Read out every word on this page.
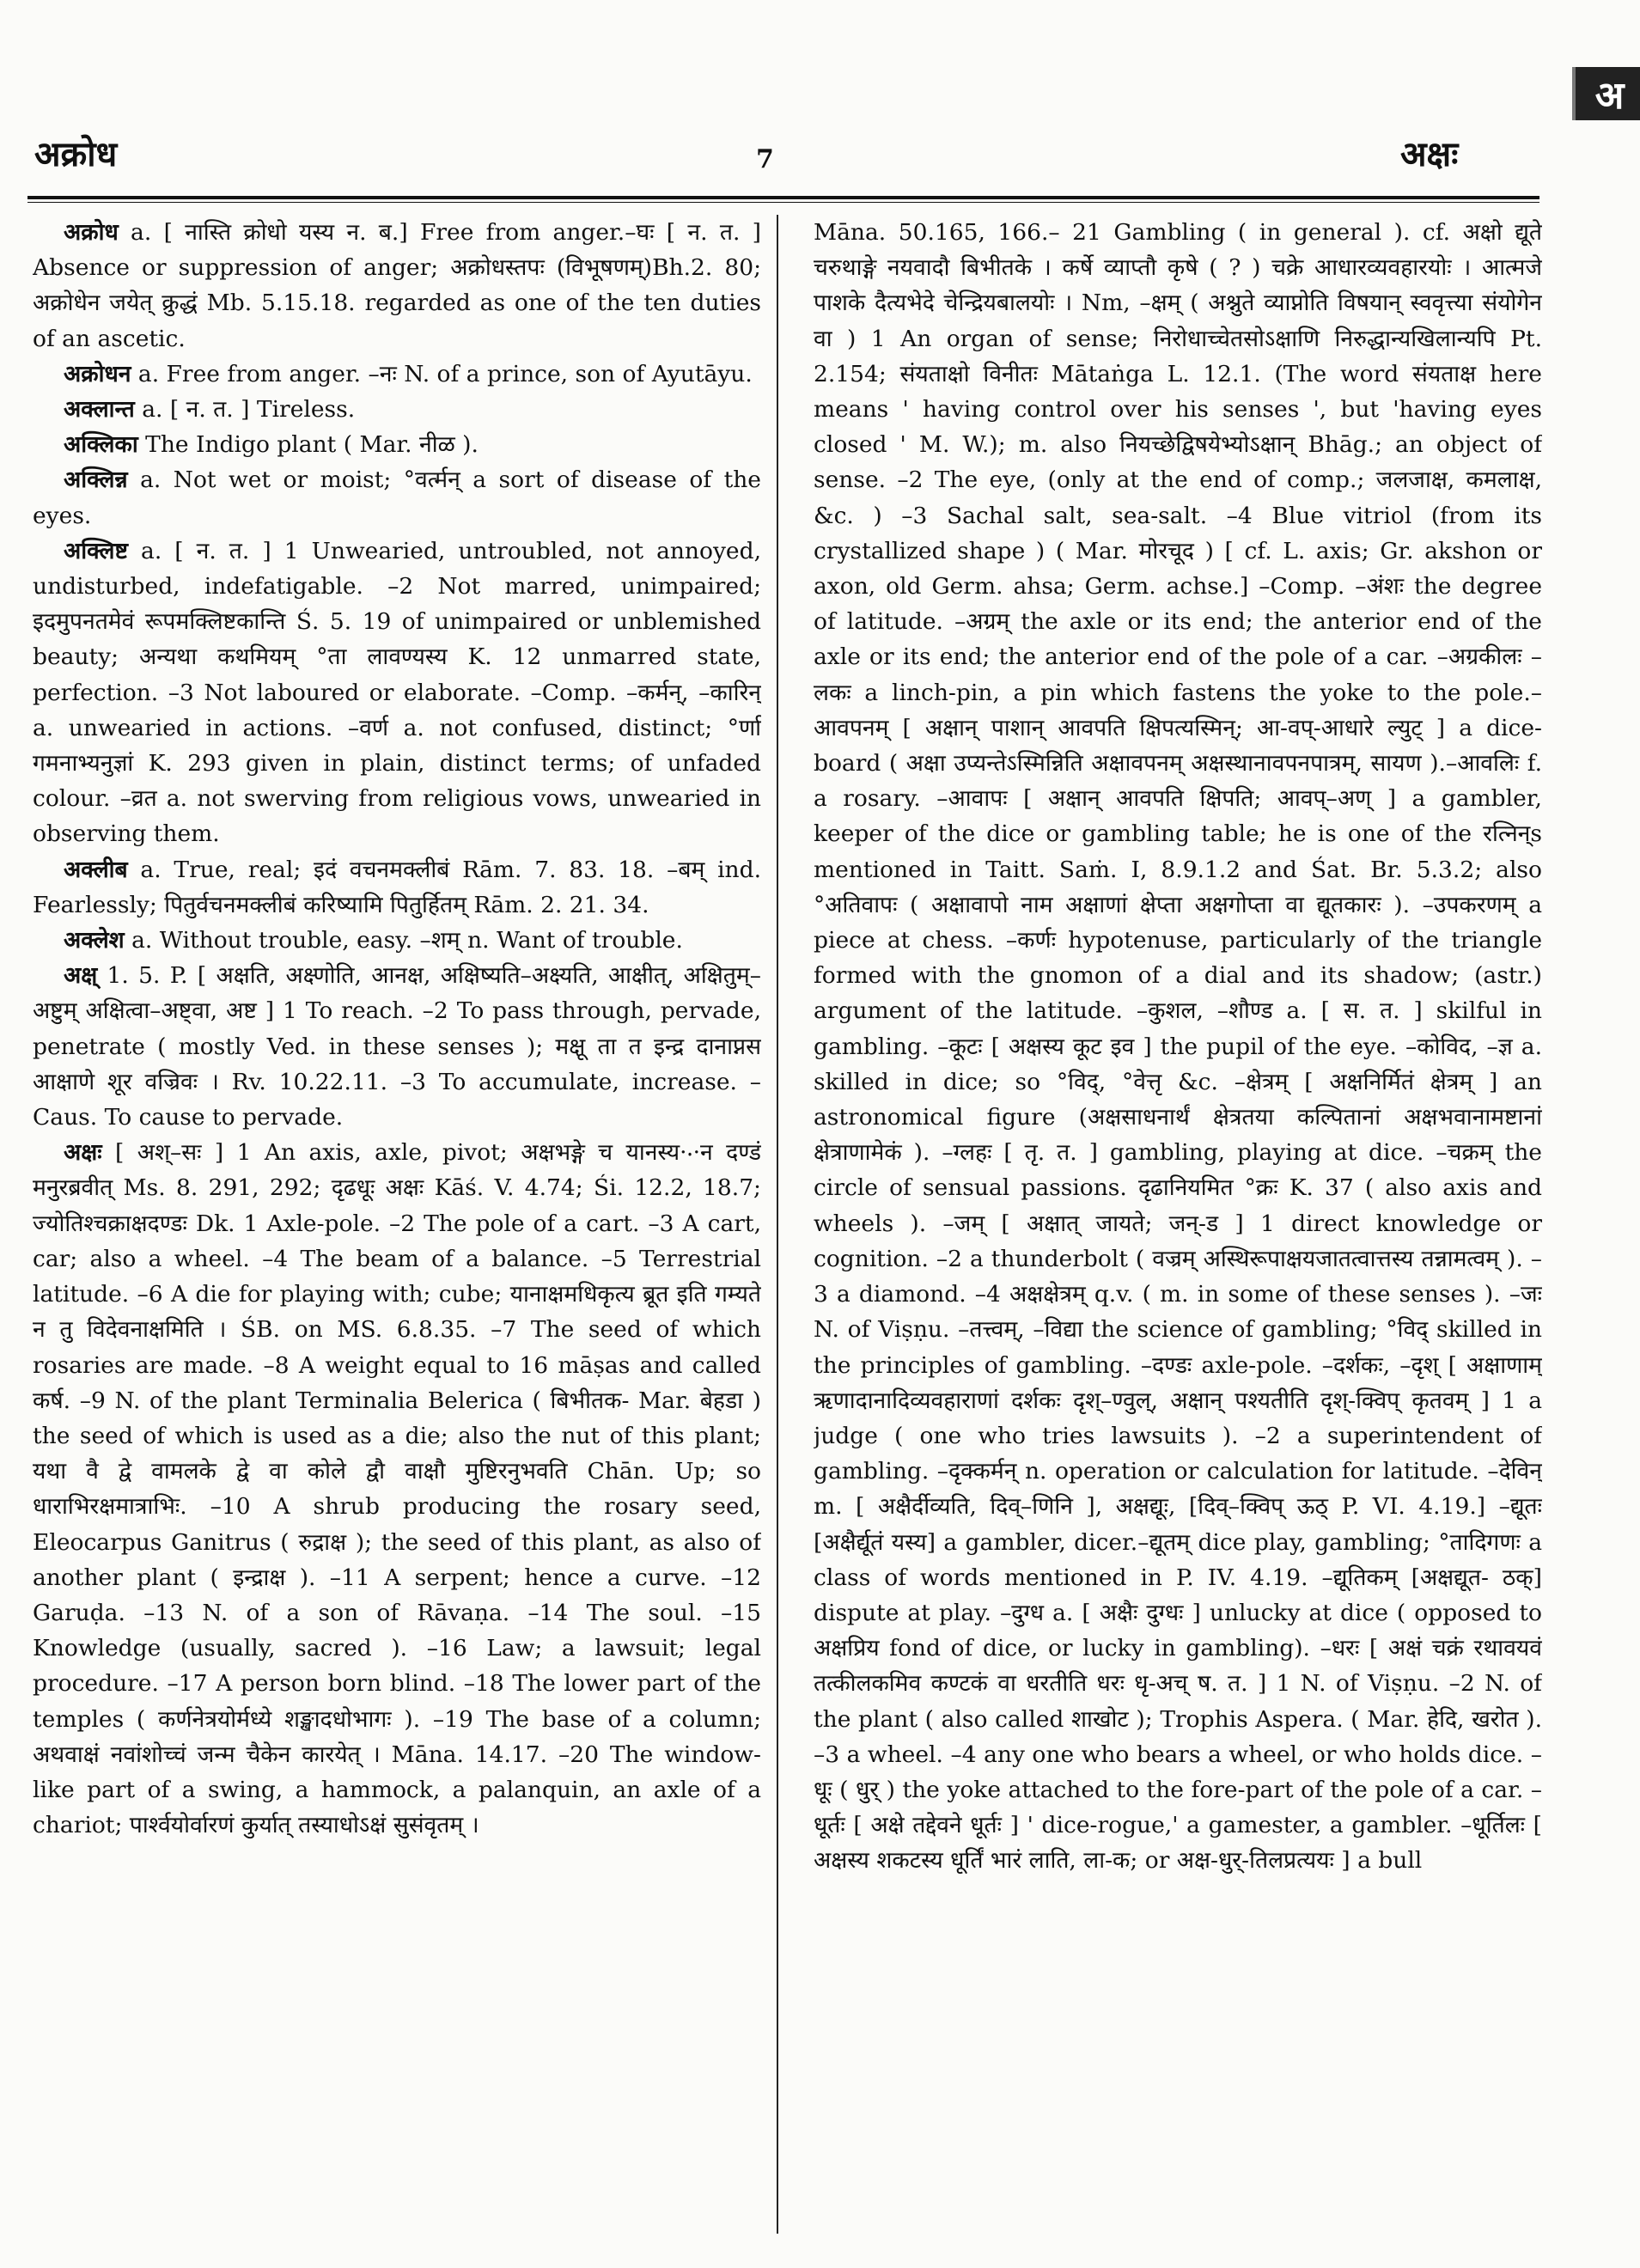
अ
अक्रोध	7	अक्षः

अक्रोध a. [ नास्ति क्रोधो यस्य न. ब.] Free from anger.–घः [ न. त. ] Absence or suppression of anger; अक्रोधस्तपः (विभूषणम्)Bh.2. 80; अक्रोधेन जयेत् क्रुद्धं Mb. 5.15.18. regarded as one of the ten duties of an ascetic.

अक्रोधन a. Free from anger. –नः N. of a prince, son of Ayutāyu.

अक्लान्त a. [ न. त. ] Tireless.

अक्लिका The Indigo plant ( Mar. नीळ ).

अक्लिन्न a. Not wet or moist; °वर्त्मन् a sort of disease of the eyes.

अक्लिष्ट a. [ न. त. ] 1 Unwearied, untroubled, not annoyed, undisturbed, indefatigable. –2 Not marred, unimpaired; इदमुपनतमेवं रूपमक्लिष्टकान्ति Ś. 5. 19 of unimpaired or unblemished beauty; अन्यथा कथमियम् °ता लावण्यस्य K. 12 unmarred state, perfection. –3 Not laboured or elaborate. –Comp. –कर्मन्, –कारिन् a. unwearied in actions. –वर्ण a. not confused, distinct; °र्णा गमनाभ्यनुज्ञां K. 293 given in plain, distinct terms; of unfaded colour. –व्रत a. not swerving from religious vows, unwearied in observing them.

अक्लीब a. True, real; इदं वचनमक्लीबं Rām. 7. 83. 18. –बम् ind. Fearlessly; पितुर्वचनमक्लीबं करिष्यामि पितुर्हितम् Rām. 2. 21. 34.

अक्लेश a. Without trouble, easy. –शम् n. Want of trouble.

अक्ष् 1. 5. P. [ अक्षति, अक्ष्णोति, आनक्ष, अक्षिष्यति–अक्ष्यति, आक्षीत्, अक्षितुम्–अष्टुम् अक्षित्वा–अष्ट्वा, अष्ट ] 1 To reach. –2 To pass through, pervade, penetrate ( mostly Ved. in these senses ); मक्षू ता त इन्द्र दानाप्नस आक्षाणे शूर वज्रिवः । Rv. 10.22.11. –3 To accumulate, increase. –Caus. To cause to pervade.

अक्षः [ अश्–सः ] 1 An axis, axle, pivot; अक्षभङ्गे च यानस्य·‧·न दण्डं मनुरब्रवीत् Ms. 8. 291, 292; दृढधूः अक्षः Kāś. V. 4.74; Śi. 12.2, 18.7; ज्योतिश्चक्राक्षदण्डः Dk. 1 Axle-pole. –2 The pole of a cart. –3 A cart, car; also a wheel. –4 The beam of a balance. –5 Terrestrial latitude. –6 A die for playing with; cube; यानाक्षमधिकृत्य ब्रूत इति गम्यते न तु विदेवनाक्षमिति । ŚB. on MS. 6.8.35. –7 The seed of which rosaries are made. –8 A weight equal to 16 māṣas and called कर्ष. –9 N. of the plant Terminalia Belerica ( बिभीतक- Mar. बेहडा ) the seed of which is used as a die; also the nut of this plant; यथा वै द्वे वामलके द्वे वा कोले द्वौ वाक्षौ मुष्टिरनुभवति Chān. Up; so धाराभिरक्षमात्राभिः. –10 A shrub producing the rosary seed, Eleocarpus Ganitrus ( रुद्राक्ष ); the seed of this plant, as also of another plant ( इन्द्राक्ष ). –11 A serpent; hence a curve. –12 Garuḍa. –13 N. of a son of Rāvaṇa. –14 The soul. –15 Knowledge (usually, sacred ). –16 Law; a lawsuit; legal procedure. –17 A person born blind. –18 The lower part of the temples ( कर्णनेत्रयोर्मध्ये शङ्खादधोभागः ). –19 The base of a column; अथवाक्षं नवांशोच्चं जन्म चैकेन कारयेत् । Māna. 14.17. –20 The window-like part of a swing, a hammock, a palanquin, an axle of a chariot; पार्श्वयोर्वारणं कुर्यात् तस्याधोऽक्षं सुसंवृतम् ।

Māna. 50.165, 166.– 21 Gambling ( in general ). cf. अक्षो द्यूते चरुथाङ्गे नयवादौ बिभीतके । कर्षे व्याप्तौ कृषे ( ? ) चक्रे आधारव्यवहारयोः । आत्मजे पाशके दैत्यभेदे चेन्द्रियबालयोः । Nm, –क्षम् ( अश्नुते व्याप्नोति विषयान् स्ववृत्त्या संयोगेन वा ) 1 An organ of sense; निरोधाच्चेतसोऽक्षाणि निरुद्धान्यखिलान्यपि Pt. 2.154; संयताक्षो विनीतः Mātaṅga L. 12.1. (The word संयताक्ष here means ' having control over his senses ', but 'having eyes closed ' M. W.); m. also नियच्छेद्विषयेभ्योऽक्षान् Bhāg.; an object of sense. –2 The eye, (only at the end of comp.; जलजाक्ष, कमलाक्ष, &c. ) –3 Sachal salt, sea-salt. –4 Blue vitriol (from its crystallized shape ) ( Mar. मोरचूद ) [ cf. L. axis; Gr. akshon or axon, old Germ. ahsa; Germ. achse.] –Comp. –अंशः the degree of latitude. –अग्रम् the axle or its end; the anterior end of the axle or its end; the anterior end of the pole of a car. –अग्रकीलः –लकः a linch-pin, a pin which fastens the yoke to the pole.–आवपनम् [ अक्षान् पाशान् आवपति क्षिपत्यस्मिन्; आ-वप्-आधारे ल्युट् ] a dice-board ( अक्षा उप्यन्तेऽस्मिन्निति अक्षावपनम् अक्षस्थानावपनपात्रम्, सायण ).–आवलिः f. a rosary. –आवापः [ अक्षान् आवपति क्षिपति; आवप्–अण् ] a gambler, keeper of the dice or gambling table; he is one of the रत्निन्s mentioned in Taitt. Saṁ. I, 8.9.1.2 and Śat. Br. 5.3.2; also °अतिवापः ( अक्षावापो नाम अक्षाणां क्षेप्ता अक्षगोप्ता वा द्यूतकारः ). –उपकरणम् a piece at chess. –कर्णः hypotenuse, particularly of the triangle formed with the gnomon of a dial and its shadow; (astr.) argument of the latitude. –कुशल, –शौण्ड a. [ स. त. ] skilful in gambling. –कूटः [ अक्षस्य कूट इव ] the pupil of the eye. –कोविद, –ज्ञ a. skilled in dice; so °विद्, °वेत्तृ &c. –क्षेत्रम् [ अक्षनिर्मितं क्षेत्रम् ] an astronomical figure (अक्षसाधनार्थं क्षेत्रतया कल्पितानां अक्षभवानामष्टानां क्षेत्राणामेकं ). –ग्लहः [ तृ. त. ] gambling, playing at dice. –चक्रम् the circle of sensual passions. दृढानियमित °क्रः K. 37 ( also axis and wheels ). –जम् [ अक्षात् जायते; जन्-ड ] 1 direct knowledge or cognition. –2 a thunderbolt ( वज्रम् अस्थिरूपाक्षयजातत्वात्तस्य तन्नामत्वम् ). –3 a diamond. –4 अक्षक्षेत्रम् q.v. ( m. in some of these senses ). –जः N. of Viṣṇu. –तत्त्वम्, –विद्या the science of gambling; °विद् skilled in the principles of gambling. –दण्डः axle-pole. –दर्शकः, –दृश् [ अक्षाणाम् ऋणादानादिव्यवहाराणां दर्शकः दृश्–ण्वुल्, अक्षान् पश्यतीति दृश्-क्विप् कृतवम् ] 1 a judge ( one who tries lawsuits ). –2 a superintendent of gambling. –दृक्कर्मन् n. operation or calculation for latitude. –देविन् m. [ अक्षैर्दीव्यति, दिव्–णिनि ], अक्षद्यूः, [दिव्–क्विप् ऊठ् P. VI. 4.19.] –द्यूतः [अक्षैर्द्यूतं यस्य] a gambler, dicer.–द्यूतम् dice play, gambling; °तादिगणः a class of words mentioned in P. IV. 4.19. –द्यूतिकम् [अक्षद्यूत- ठक्] dispute at play. –दुग्ध a. [ अक्षैः दुग्धः ] unlucky at dice ( opposed to अक्षप्रिय fond of dice, or lucky in gambling). –धरः [ अक्षं चक्रं रथावयवं तत्कीलकमिव कण्टकं वा धरतीति धरः धृ-अच् ष. त. ] 1 N. of Viṣṇu. –2 N. of the plant ( also called शाखोट ); Trophis Aspera. ( Mar. हेदि, खरोत ). –3 a wheel. –4 any one who bears a wheel, or who holds dice. –धूः ( धुर् ) the yoke attached to the fore-part of the pole of a car. –धूर्तः [ अक्षे तद्देवने धूर्तः ] ' dice-rogue,' a gamester, a gambler. –धूर्तिलः [ अक्षस्य शकटस्य धूर्तिं भारं लाति, ला-क; or अक्ष-धुर्-तिलप्रत्ययः ] a bull
